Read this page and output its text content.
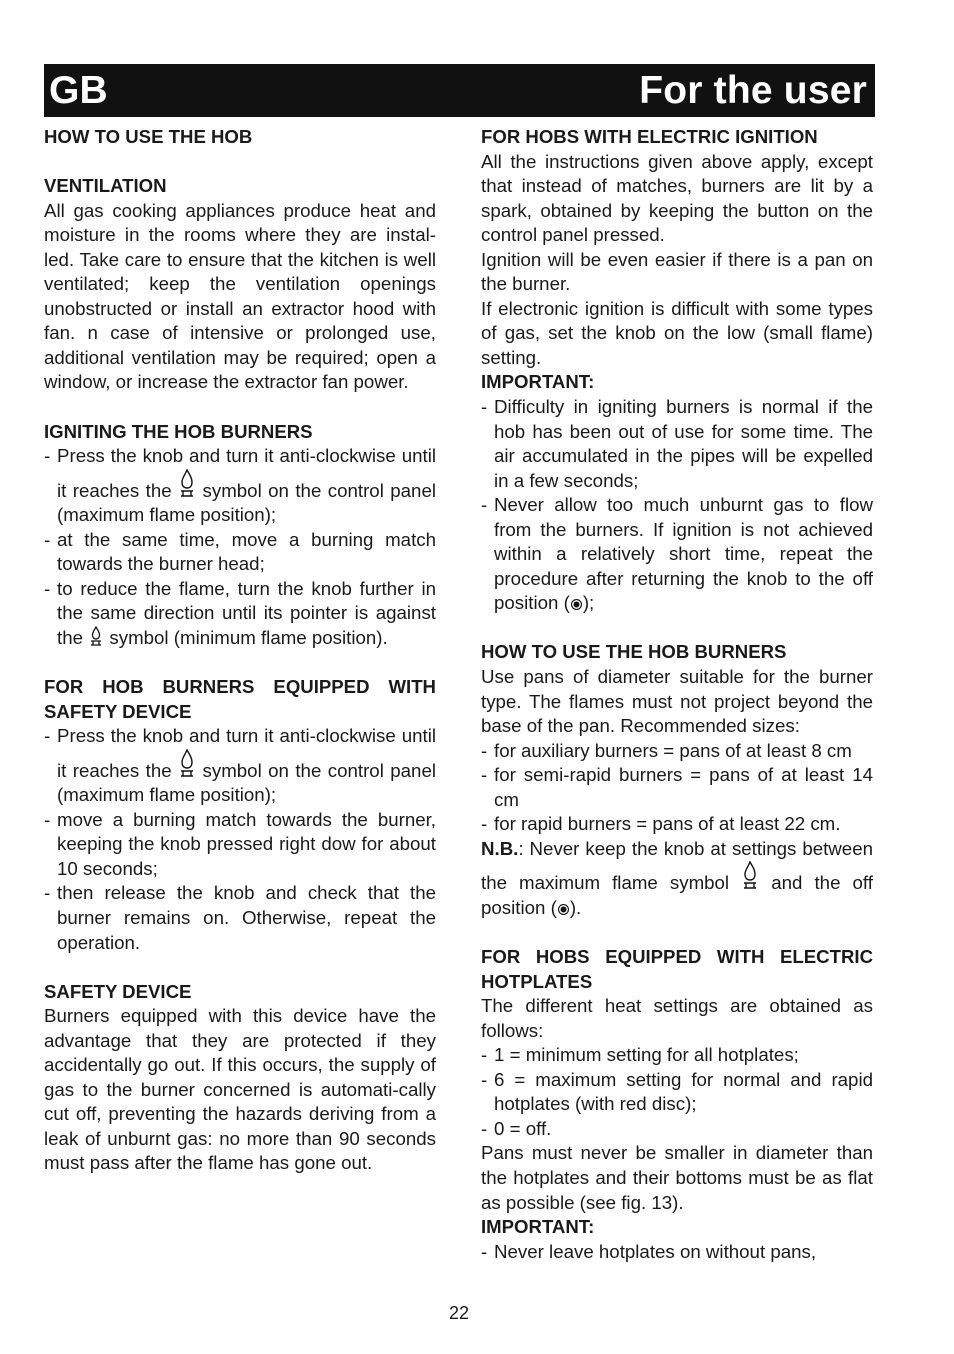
GB	For the user
HOW TO USE THE HOB
VENTILATION
All gas cooking appliances produce heat and moisture in the rooms where they are instal-led. Take care to ensure that the kitchen is well ventilated; keep the ventilation openings unobstructed or install an extractor hood with fan. n case of intensive or prolonged use, additional ventilation may be required; open a window, or increase the extractor fan power.
IGNITING THE HOB BURNERS
- Press the knob and turn it anti-clockwise until it reaches the symbol on the control panel (maximum flame position);
- at the same time, move a burning match towards the burner head;
- to reduce the flame, turn the knob further in the same direction until its pointer is against the symbol (minimum flame position).
FOR HOB BURNERS EQUIPPED WITH SAFETY DEVICE
- Press the knob and turn it anti-clockwise until it reaches the symbol on the control panel (maximum flame position);
- move a burning match towards the burner, keeping the knob pressed right dow for about 10 seconds;
- then release the knob and check that the burner remains on. Otherwise, repeat the operation.
SAFETY DEVICE
Burners equipped with this device have the advantage that they are protected if they accidentally go out. If this occurs, the supply of gas to the burner concerned is automati-cally cut off, preventing the hazards deriving from a leak of unburnt gas: no more than 90 seconds must pass after the flame has gone out.
FOR HOBS WITH ELECTRIC IGNITION
All the instructions given above apply, except that instead of matches, burners are lit by a spark, obtained by keeping the button on the control panel pressed.
Ignition will be even easier if there is a pan on the burner.
If electronic ignition is difficult with some types of gas, set the knob on the low (small flame) setting.
IMPORTANT:
- Difficulty in igniting burners is normal if the hob has been out of use for some time. The air accumulated in the pipes will be expelled in a few seconds;
- Never allow too much unburnt gas to flow from the burners. If ignition is not achieved within a relatively short time, repeat the procedure after returning the knob to the off position ( );
HOW TO USE THE HOB BURNERS
Use pans of diameter suitable for the burner type. The flames must not project beyond the base of the pan. Recommended sizes:
- for auxiliary burners = pans of at least 8 cm
- for semi-rapid burners = pans of at least 14 cm
- for rapid burners = pans of at least 22 cm.
N.B.: Never keep the knob at settings between the maximum flame symbol and the off position ( ).
FOR HOBS EQUIPPED WITH ELECTRIC HOTPLATES
The different heat settings are obtained as follows:
- 1 = minimum setting for all hotplates;
- 6 = maximum setting for normal and rapid hotplates (with red disc);
- 0 = off.
Pans must never be smaller in diameter than the hotplates and their bottoms must be as flat as possible (see fig. 13).
IMPORTANT:
- Never leave hotplates on without pans,
22
